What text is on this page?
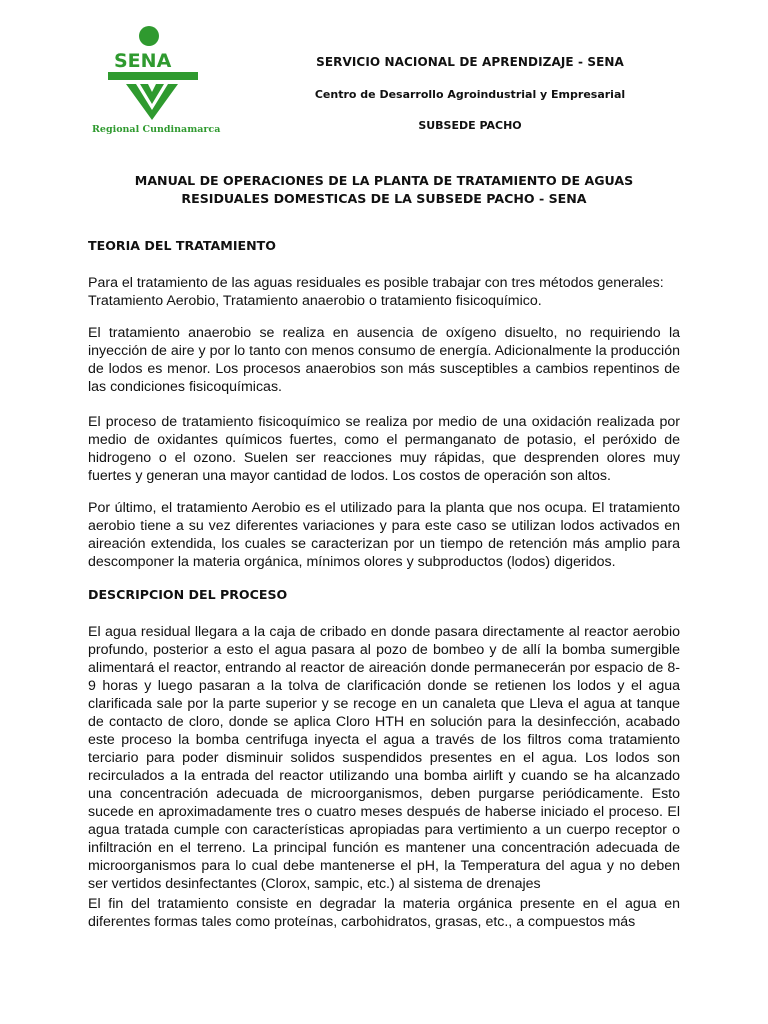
SENA
Regional Cundinamarca
SERVICIO NACIONAL DE APRENDIZAJE - SENA
Centro de Desarrollo Agroindustrial y Empresarial
SUBSEDE PACHO
MANUAL DE OPERACIONES DE LA PLANTA DE TRATAMIENTO DE AGUAS
RESIDUALES DOMESTICAS DE LA SUBSEDE PACHO - SENA
TEORIA DEL TRATAMIENTO

Para el tratamiento de las aguas residuales es posible trabajar con tres métodos generales: Tratamiento Aerobio, Tratamiento anaerobio o tratamiento fisicoquímico.

El tratamiento anaerobio se realiza en ausencia de oxígeno disuelto, no requiriendo la inyección de aire y por lo tanto con menos consumo de energía. Adicionalmente la producción de lodos es menor. Los procesos anaerobios son más susceptibles a cambios repentinos de las condiciones fisicoquímicas.

El proceso de tratamiento fisicoquímico se realiza por medio de una oxidación realizada por medio de oxidantes químicos fuertes, como el permanganato de potasio, el peróxido de hidrogeno o el ozono. Suelen ser reacciones muy rápidas, que desprenden olores muy fuertes y generan una mayor cantidad de lodos. Los costos de operación son altos.

Por último, el tratamiento Aerobio es el utilizado para la planta que nos ocupa. El tratamiento aerobio tiene a su vez diferentes variaciones y para este caso se utilizan lodos activados en aireación extendida, los cuales se caracterizan por un tiempo de retención más amplio para descomponer la materia orgánica, mínimos olores y subproductos (lodos) digeridos.

DESCRIPCION DEL PROCESO

El agua residual llegara a la caja de cribado en donde pasara directamente al reactor aerobio profundo, posterior a esto el agua pasara al pozo de bombeo y de allí la bomba sumergible alimentará el reactor, entrando al reactor de aireación donde permanecerán por espacio de 8-9 horas y luego pasaran a la tolva de clarificación donde se retienen los lodos y el agua clarificada sale por la parte superior y se recoge en un canaleta que Lleva el agua at tanque de contacto de cloro, donde se aplica Cloro HTH en solución para la desinfección, acabado este proceso la bomba centrifuga inyecta el agua a través de los filtros coma tratamiento terciario para poder disminuir solidos suspendidos presentes en el agua. Los lodos son recirculados a Ia entrada del reactor utilizando una bomba airlift y cuando se ha alcanzado una concentración adecuada de microorganismos, deben purgarse periódicamente. Esto sucede en aproximadamente tres o cuatro meses después de haberse iniciado el proceso. El agua tratada cumple con características apropiadas para vertimiento a un cuerpo receptor o infiltración en el terreno. La principal función es mantener una concentración adecuada de microorganismos para lo cual debe mantenerse el pH, la Temperatura del agua y no deben ser vertidos desinfectantes (Clorox, sampic, etc.) al sistema de drenajes

El fin del tratamiento consiste en degradar la materia orgánica presente en el agua en diferentes formas tales como proteínas, carbohidratos, grasas, etc., a compuestos más
